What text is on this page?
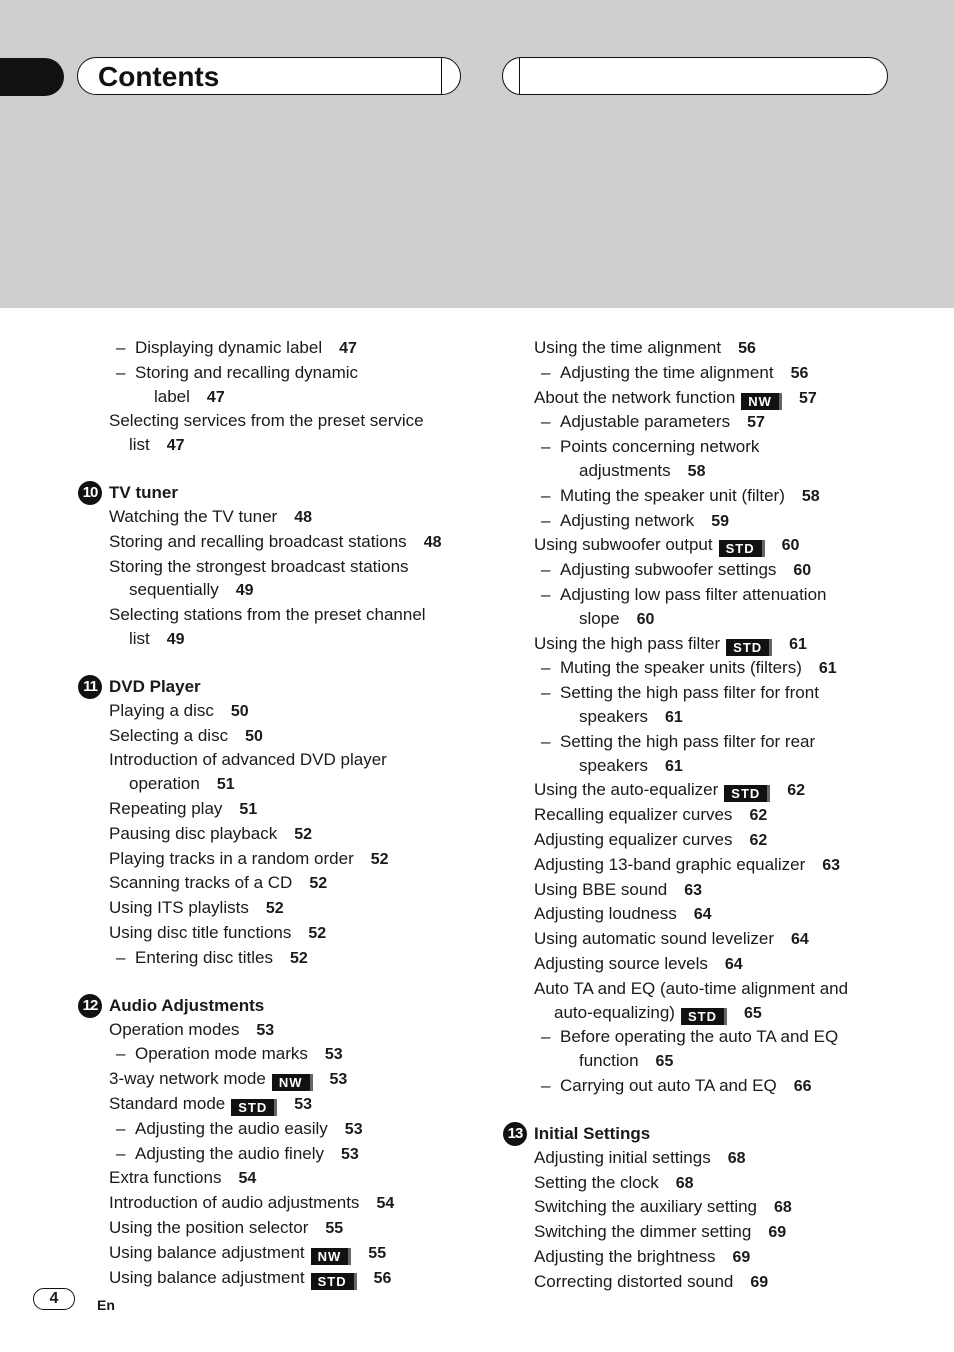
Contents
– Displaying dynamic label 47
– Storing and recalling dynamic
label 47
Selecting services from the preset service
list 47
10 TV tuner
Watching the TV tuner 48
Storing and recalling broadcast stations 48
Storing the strongest broadcast stations
sequentially 49
Selecting stations from the preset channel
list 49
11 DVD Player
Playing a disc 50
Selecting a disc 50
Introduction of advanced DVD player
operation 51
Repeating play 51
Pausing disc playback 52
Playing tracks in a random order 52
Scanning tracks of a CD 52
Using ITS playlists 52
Using disc title functions 52
– Entering disc titles 52
12 Audio Adjustments
Operation modes 53
– Operation mode marks 53
3-way network mode	NW	53
Standard mode	STD	53
– Adjusting the audio easily 53
– Adjusting the audio finely 53
Extra functions 54
Introduction of audio adjustments 54
Using the position selector 55
Using balance adjustment	NW	55
Using balance adjustment	STD	56
Using the time alignment 56
– Adjusting the time alignment 56
About the network function	NW	57
– Adjustable parameters 57
– Points concerning network
adjustments 58
– Muting the speaker unit (filter) 58
– Adjusting network 59
Using subwoofer output	STD	60
– Adjusting subwoofer settings 60
– Adjusting low pass filter attenuation
slope 60
Using the high pass filter	STD	61
– Muting the speaker units (filters) 61
– Setting the high pass filter for front
speakers 61
– Setting the high pass filter for rear
speakers 61
Using the auto-equalizer	STD	62
Recalling equalizer curves 62
Adjusting equalizer curves 62
Adjusting 13-band graphic equalizer 63
Using BBE sound 63
Adjusting loudness 64
Using automatic sound levelizer 64
Adjusting source levels 64
Auto TA and EQ (auto-time alignment and
auto-equalizing)	STD	65
– Before operating the auto TA and EQ
function 65
– Carrying out auto TA and EQ 66
13 Initial Settings
Adjusting initial settings 68
Setting the clock 68
Switching the auxiliary setting 68
Switching the dimmer setting 69
Adjusting the brightness 69
Correcting distorted sound 69
4	En
